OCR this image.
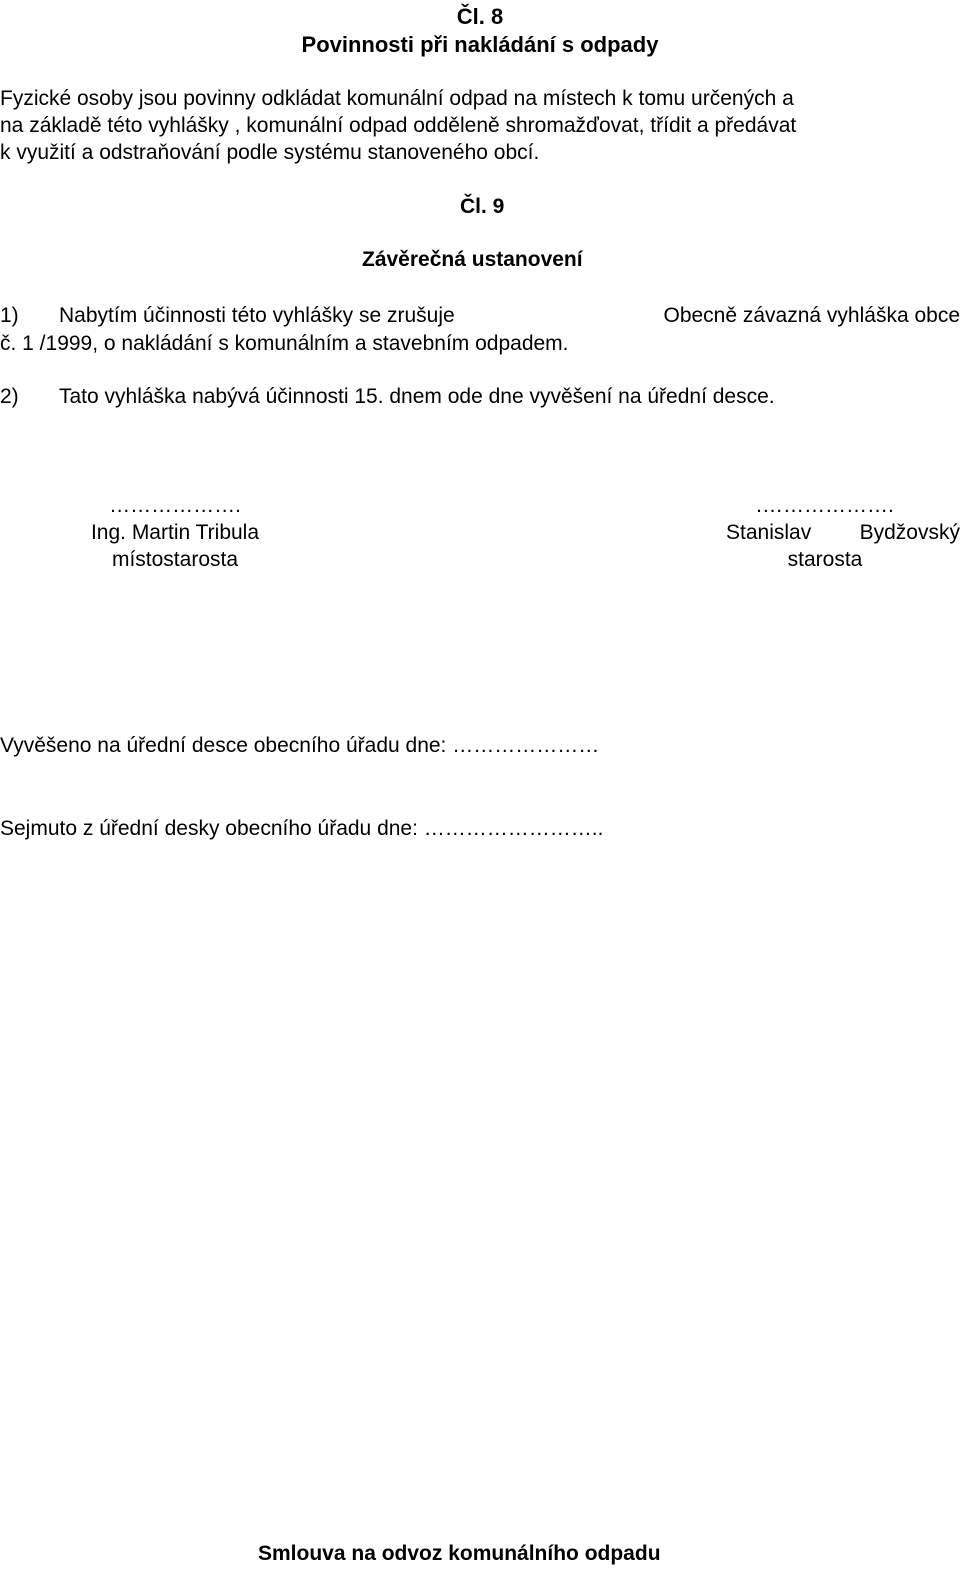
Čl. 8
Povinnosti při nakládání s odpady
Fyzické osoby jsou povinny odkládat komunální odpad na místech k tomu určených a
na základě této vyhlášky , komunální odpad odděleně shromažďovat, třídit a předávat
k využití a odstraňování podle systému stanoveného obcí.
Čl. 9
Závěrečná ustanovení
1) Nabytím účinnosti této vyhlášky se zrušuje	Obecně závazná vyhláška obce
č. 1 /1999, o nakládání s komunálním a stavebním odpadem.
2) Tato vyhláška nabývá účinnosti 15. dnem ode dne vyvěšení na úřední desce.
……………….
Ing. Martin Tribula
místostarosta
.……………….
Stanislav Bydžovský
starosta
Vyvěšeno na úřední desce obecního úřadu dne: …………………
Sejmuto z úřední desky obecního úřadu dne: ……………………..
Smlouva na odvoz komunálního odpadu
